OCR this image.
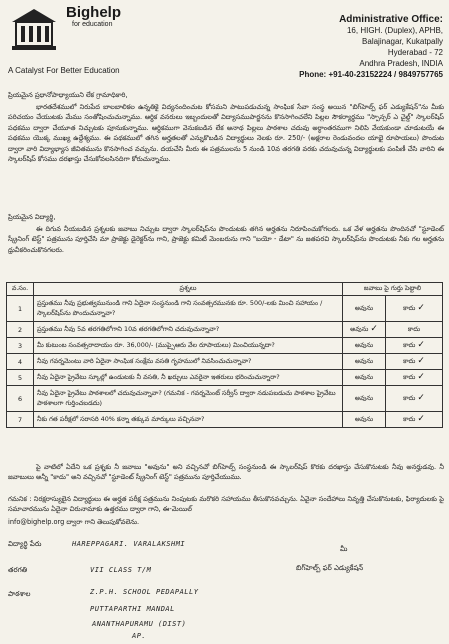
Bighelp
for education
A Catalyst For Better Education
Administrative Office:
16, HIGH. (Duplex), APHB,
Balajinagar, Kukatpally
Hyderabad - 72
Andhra Pradesh, INDIA
Phone: +91-40-23152224 / 9849757765
ప్రియమైన ప్రధానోపాధ్యాయుని లేక గ్రామాధికారి,
భారతదేశములో నిరుపేద బాలబాలికల ఉన్నతికై విద్యనందించుట కోసమని పాటుపడుచున్న సాంఘిక సేవా సంస్థ అయిన "బిగ్‌హెల్ప్ ఫర్ ఎడ్యుకేషన్"ను మీకు పరిచయం చేయుటకు మేము సంతోషించుచున్నాము. ఆర్థిక వనరులు ఇబ్బందులతో విద్యాసముపార్జనను కొనసాగించలేని పిల్లల సౌకర్యార్థము "స్పాన్సర్ ఎ చైల్డ్" స్కాలర్‌షిప్ పధకము ద్వారా చేయూత నిచ్చుటకు పూనుకున్నాము. ఆర్థికముగా వెనుకబడిన లేక అనాథ పిల్లలు పాఠశాల చదువు అర్ధాంతరముగా నిలిపి వేయకుండా చూడుటయే ఈ పథకము యొక్క ముఖ్య ఉద్దేశ్యము. ఈ పథకములో తగిన అర్హతలతో ఎన్నుకొబడిన విద్యార్థులు నెలకు రూ. 250/- (అక్షరాల రెండువందల యాభై రూపాయలు) పొందుట ద్వారా వారి విద్యాభ్యాస జీవితమును కొనసాగించ వచ్చును. దయచేసి మీరు ఈ పత్రములను 5 నుండి 10వ తరగతి వరకు చదువుచున్న విద్యార్థులకు పంపిణీ చేసి వారిని ఈ స్కాలర్‌షిప్ కోసము దరఖాస్తు చేసుకోవలసినదిగా కోరుచున్నాము.
ప్రియమైన విద్యార్థి,
ఈ దిగువ నీయబడిన ప్రశ్నలకు జవాబు నిచ్చుట ద్వారా స్కాలర్‌షిప్‌ను పొందుటకు తగిన అర్హతను నిరూపించుకోగలరు. ఒక వేళ అర్హతను పొందినచో "స్టూడెంట్ స్క్రీనింగ్ టెస్ట్" పత్రమును పూర్తిచేసి మా ప్రాజెక్టు డైరెక్టర్‌ను గాని, ప్రాజెక్టు కమిటీ మెంబరును గాని "బయో - డేటా" ను జతపరచి స్కాలర్‌షిప్‌ను పొందుటకు నీకు గల అర్హతను ధ్రువీకరించుకొనగలరు.
వ.సం.	ప్రశ్నలు	జవాబు పై గుర్తు పెట్టాలి	
1	ప్రస్తుతము నీవు ప్రభుత్వమునుండి గాని ఏదైనా సంస్థనుండి గాని సంవత్సరమునకు రూ. 500/-లకు మించి సహాయం / స్కాలర్‌షిప్‌ను పొందుచున్నావా?	అవును	కాదు ✓
2	ప్రస్తుతము నీవు 5వ తరగతిలోగాని 10వ తరగతిలోగాని చదువుచున్నావా?	అవును ✓	కాదు
3	మీ కుటుంబ సంవత్సరాదాయం రూ. 36,000/- (ముప్పైఆరు వేల రూపాయలు) మించియున్నదా?	అవును	కాదు ✓
4	నీవు గవర్నమెంటు వారి ఏదైనా సాంఘిక సంక్షేమ వసతి గృహములో నివసించుచున్నావా?	అవును	కాదు ✓
5	నీవు ఏదైనా ప్రైవేటు స్కూల్లో ఉండుటకు నీ వసతి, నీ ఖర్చులు ఎవరైనా ఇతరులు భరించుచున్నారా?	అవును	కాదు ✓
6	నీవు ఏదైనా ప్రైవేటు పాఠశాలలో చదువుచున్నావా? (గమనిక - గవర్నమెంట్ సర్వీస్ ద్వారా నడుపబడుచు పాఠశాల ప్రైవేటు పాఠశాలగా గుర్తించబడదు)	అవును	కాదు ✓
7	నీకు గత పరీక్షలో సరాసరి 40% కన్నా తక్కువ మార్కులు వచ్చినవా?	అవును	కాదు ✓
పై వాటిలో ఏదేని ఒక ప్రశ్నకు నీ జవాబు "అవును" అని వచ్చినచో బిగ్‌హెల్ప్ సంస్థనుండి ఈ స్కాలర్‌షిప్ కొరకు దరఖాస్తు చేసుకొనుటకు నీవు అనర్హుడవు. నీ జవాబులు అన్నీ "కాదు" అని వచ్చినచో "స్టూడెంట్ స్క్రీనింగ్ టెస్ట్" పత్రమును పూర్తిచేయుము.
గమనిక : నిరక్షరాస్యులైన విద్యార్థులు ఈ అర్హత పరీక్ష పత్రమును నింపుటకు మరొకరి సహాయము తీసుకొనవచ్చును. ఏవైనా సందేహాలు నివృత్తి చేసుకొనుటకు, ఫిర్యాదులకు పై సమాచారమును ఏదైనా చిరునామాకు ఉత్తరము ద్వారా గాని, ఈ-మెయిల్
info@bighelp.org ద్వారా గాని తెలుపుకోవలెను.
విద్యార్థి పేరు	HAREPPAGARI. VARALAKSHMI
తరగతి	VII CLASS T/M
పాఠశాల	Z.P.H. SCHOOL PEDAPALLY
PUTTAPARTHI MANDAL
ANANTHAPURAMU (DIST)
AP.
మీ
బిగ్‌హెల్ప్ ఫర్ ఎడ్యుకేషన్
